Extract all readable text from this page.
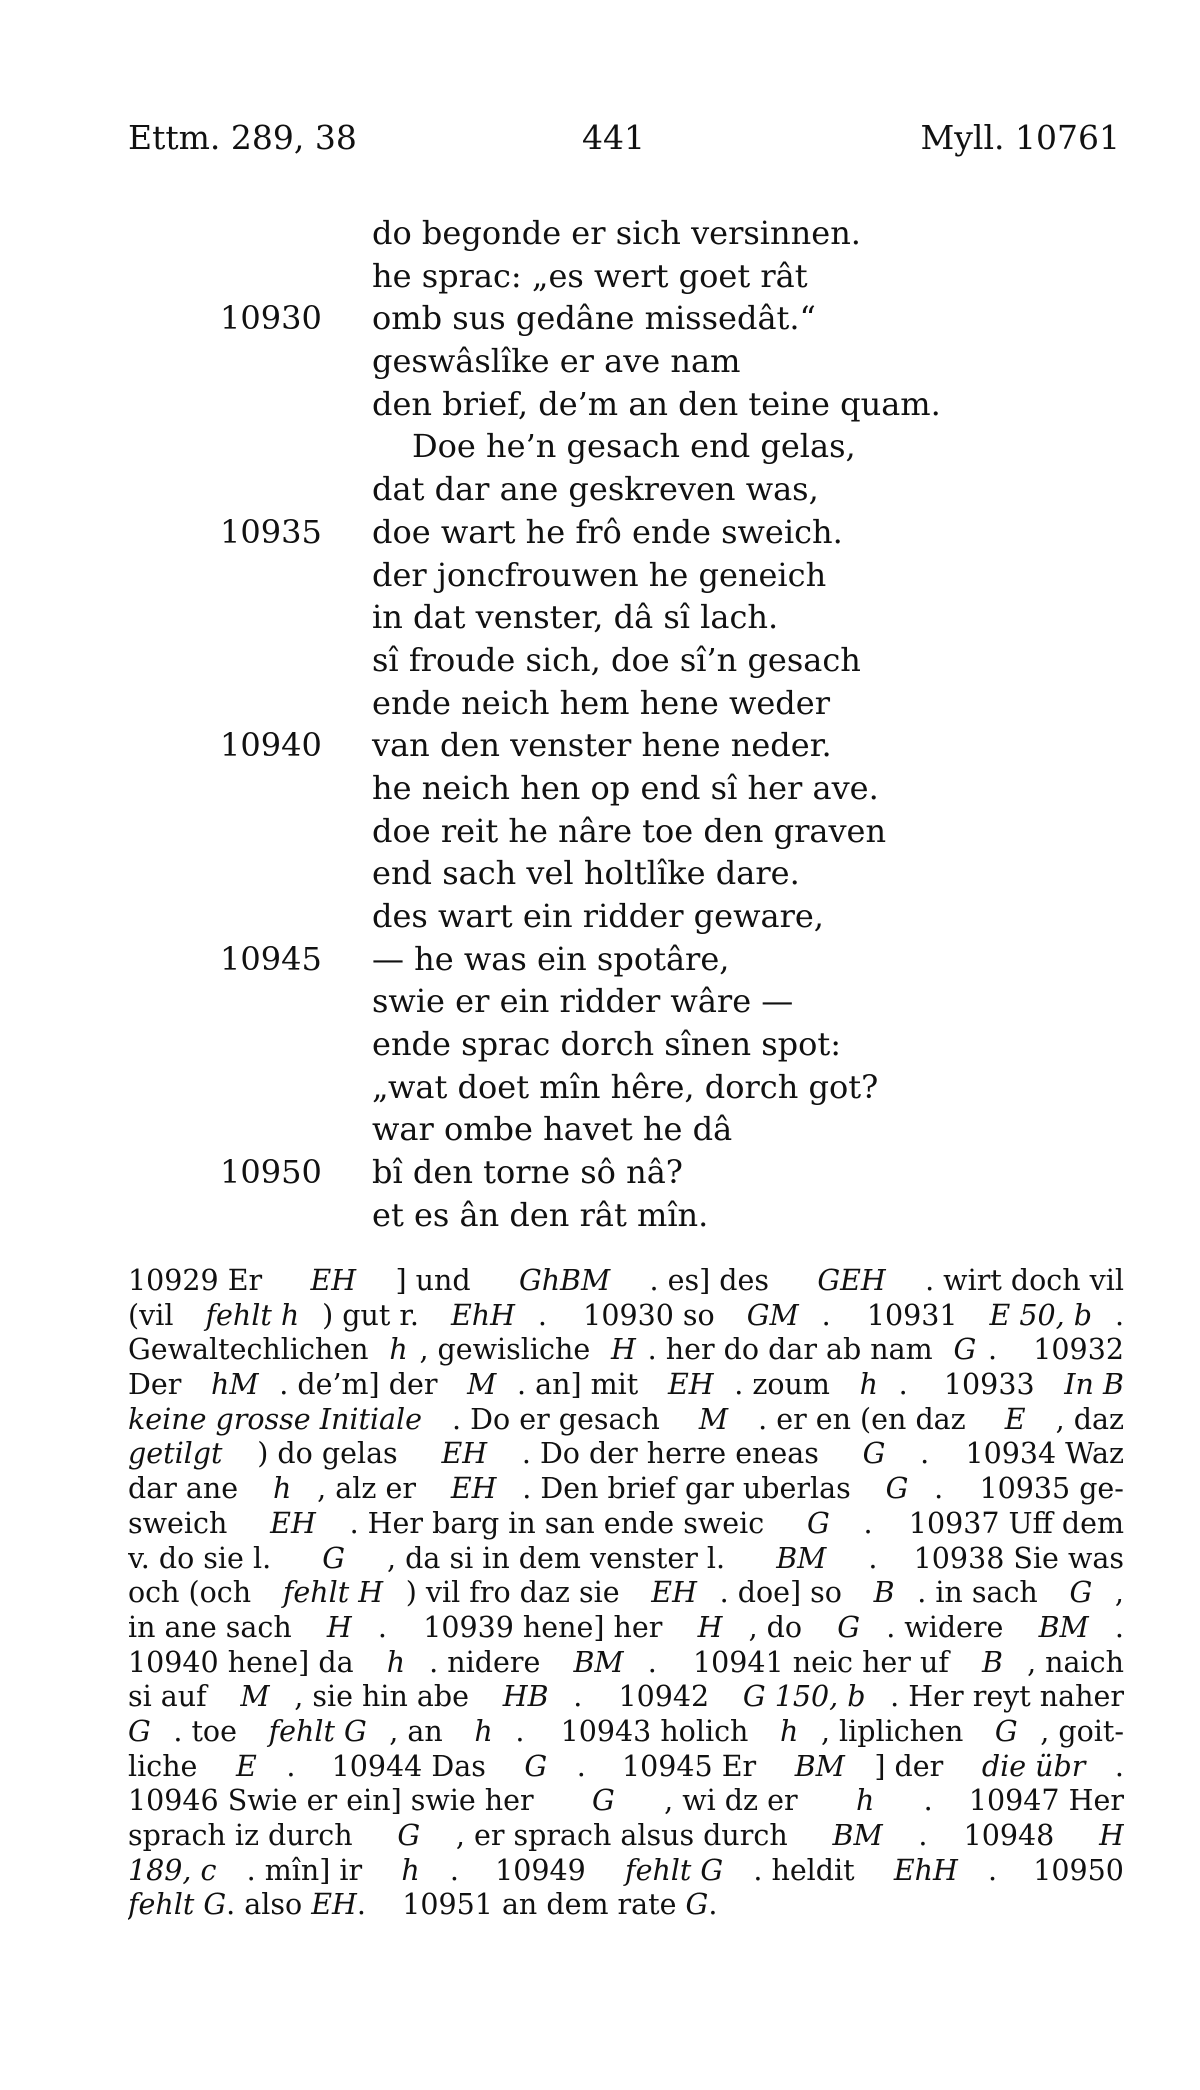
Ettm. 289, 38	441	Myll. 10761
do begonde er sich versinnen.
he sprac: „es wert goet rât
10930 omb sus gedâne missedât.“
geswâslîke er ave nam
den brief, de’m an den teine quam.
Doe he’n gesach end gelas,
dat dar ane geskreven was,
10935 doe wart he frô ende sweich.
der joncfrouwen he geneich
in dat venster, dâ sî lach.
sî froude sich, doe sî’n gesach
ende neich hem hene weder
10940 van den venster hene neder.
he neich hen op end sî her ave.
doe reit he nâre toe den graven
end sach vel holtlîke dare.
des wart ein ridder geware,
10945 — he was ein spotâre,
swie er ein ridder wâre —
ende sprac dorch sînen spot:
„wat doet mîn hêre, dorch got?
war ombe havet he dâ
10950 bî den torne sô nâ?
et es ân den rât mîn.
10929 Er EH ] und GhBM . es] des GEH . wirt doch vil
(vil fehlt h ) gut r. EhH .    10930 so GM .    10931 E 50, b .
Gewaltechlichen h , gewisliche H . her do dar ab nam G .    10932
Der hM . de’m] der M . an] mit EH . zoum h .    10933 In B
keine grosse Initiale . Do er gesach M . er en (en daz E , daz
getilgt ) do gelas EH . Do der herre eneas G .    10934 Waz
dar ane h , alz er EH . Den brief gar uberlas G .    10935 ge-
sweich EH . Her barg in san ende sweic G .    10937 Uff dem
v. do sie l. G , da si in dem venster l. BM .    10938 Sie was
och (och fehlt H ) vil fro daz sie EH . doe] so B . in sach G ,
in ane sach H .    10939 hene] her H , do G . widere BM .
10940 hene] da h . nidere BM .    10941 neic her uf B , naich
si auf M , sie hin abe HB .    10942 G 150, b . Her reyt naher
G . toe fehlt G , an h .    10943 holich h , liplichen G , goit-
liche E .    10944 Das G .    10945 Er BM ] der die übr .
10946 Swie er ein] swie her G , wi dz er h .    10947 Her
sprach iz durch G , er sprach alsus durch BM .    10948 H
189, c . mîn] ir h .    10949 fehlt G . heldit EhH .    10950
fehlt G. also EH.    10951 an dem rate G.
